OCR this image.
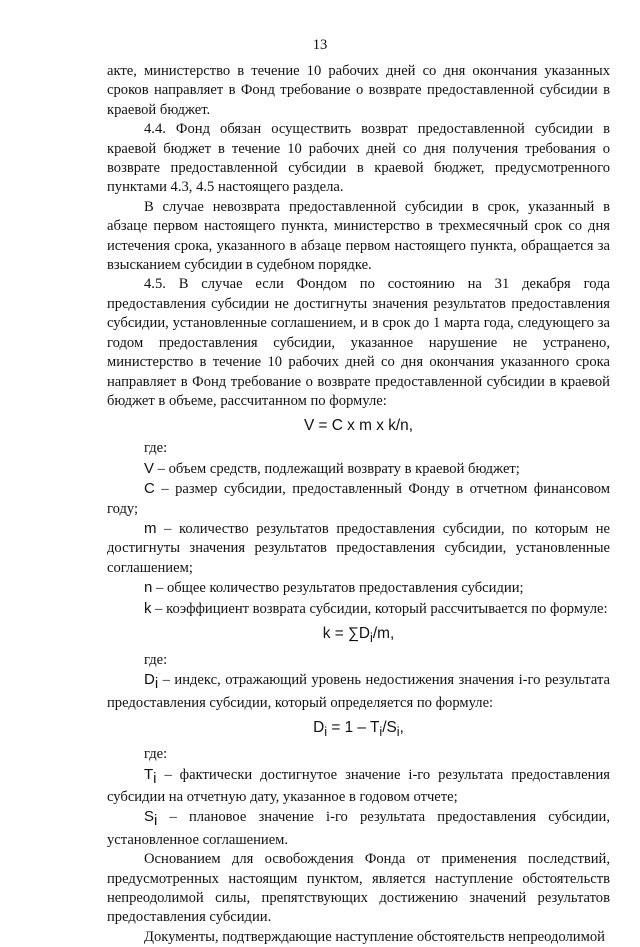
13

акте, министерство в течение 10 рабочих дней со дня окончания указанных сроков направляет в Фонд требование о возврате предоставленной субсидии в краевой бюджет.

4.4. Фонд обязан осуществить возврат предоставленной субсидии в краевой бюджет в течение 10 рабочих дней со дня получения требования о возврате предоставленной субсидии в краевой бюджет, предусмотренного пунктами 4.3, 4.5 настоящего раздела.

В случае невозврата предоставленной субсидии в срок, указанный в абзаце первом настоящего пункта, министерство в трехмесячный срок со дня истечения срока, указанного в абзаце первом настоящего пункта, обращается за взысканием субсидии в судебном порядке.

4.5. В случае если Фондом по состоянию на 31 декабря года предоставления субсидии не достигнуты значения результатов предоставления субсидии, установленные соглашением, и в срок до 1 марта года, следующего за годом предоставления субсидии, указанное нарушение не устранено, министерство в течение 10 рабочих дней со дня окончания указанного срока направляет в Фонд требование о возврате предоставленной субсидии в краевой бюджет в объеме, рассчитанном по формуле:

V = C x m x k/n,

где:

V – объем средств, подлежащий возврату в краевой бюджет;

C – размер субсидии, предоставленный Фонду в отчетном финансовом году;

m – количество результатов предоставления субсидии, по которым не достигнуты значения результатов предоставления субсидии, установленные соглашением;

n – общее количество результатов предоставления субсидии;

k – коэффициент возврата субсидии, который рассчитывается по формуле:

$k = \sum D_i/m$,

где:

$D_i$ – индекс, отражающий уровень недостижения значения i-го результата предоставления субсидии, который определяется по формуле:

$D_i = 1 - T_i/S_i$,

где:

$T_i$ – фактически достигнутое значение i-го результата предоставления субсидии на отчетную дату, указанное в годовом отчете;

$S_i$ – плановое значение i-го результата предоставления субсидии, установленное соглашением.

Основанием для освобождения Фонда от применения последствий, предусмотренных настоящим пунктом, является наступление обстоятельств непреодолимой силы, препятствующих достижению значений результатов предоставления субсидии.

Документы, подтверждающие наступление обстоятельств непреодолимой
